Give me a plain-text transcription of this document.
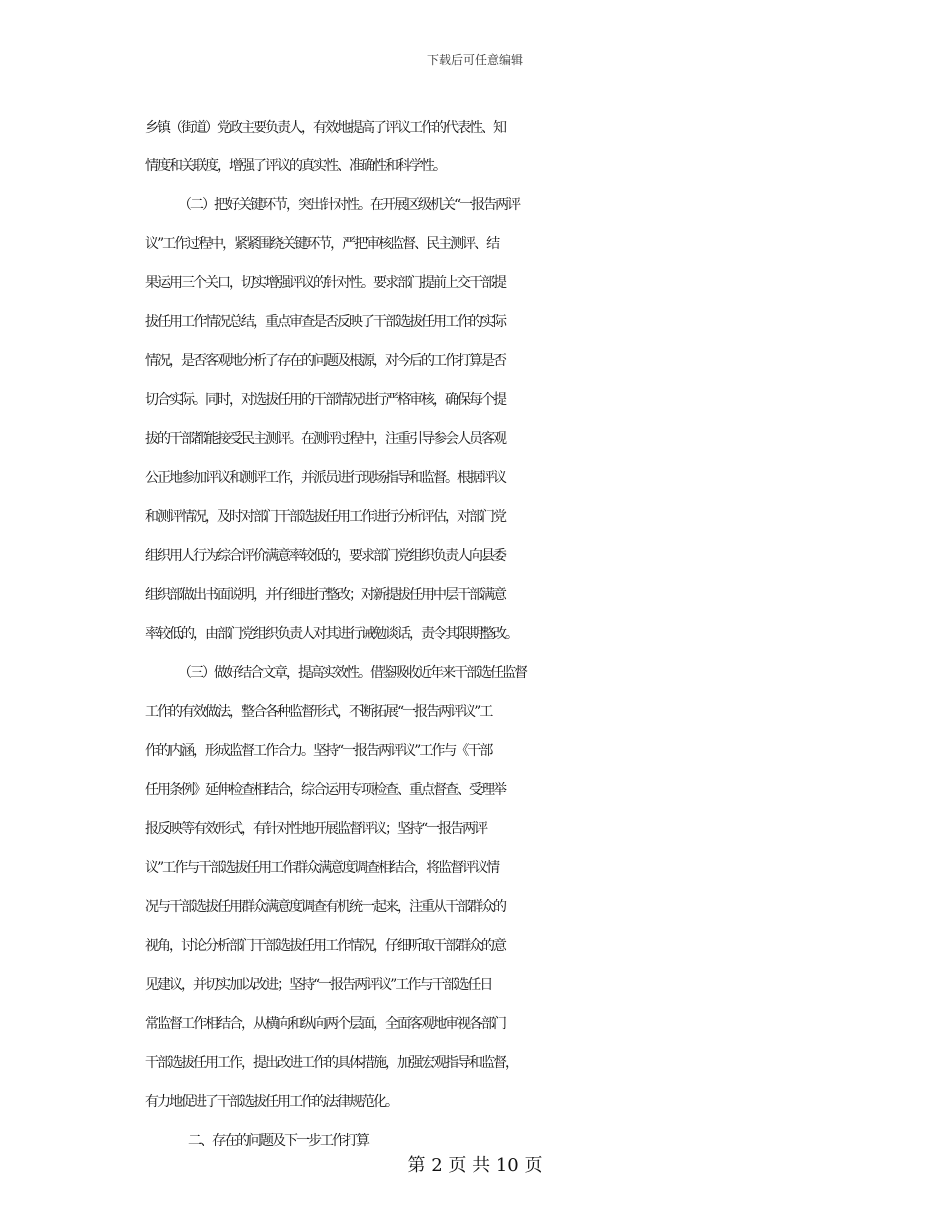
下载后可任意编辑
乡镇（街道）党政主要负责人，有效地提高了评议工作的代表性、知
情度和关联度，增强了评议的真实性、准确性和科学性。
（二）把好关键环节，突出针对性。在开展区级机关“一报告两评
议”工作过程中，紧紧围绕关键环节，严把审核监督、民主测评、结
果运用三个关口，切实增强评议的针对性。要求部门提前上交干部提
拔任用工作情况总结，重点审查是否反映了干部选拔任用工作的实际
情况，是否客观地分析了存在的问题及根源，对今后的工作打算是否
切合实际。同时，对选拔任用的干部情况进行严格审核，确保每个提
拔的干部都能接受民主测评。在测评过程中，注重引导参会人员客观
公正地参加评议和测评工作，并派员进行现场指导和监督。根据评议
和测评情况，及时对部门干部选拔任用工作进行分析评估，对部门党
组织用人行为综合评价满意率较低的，要求部门党组织负责人向县委
组织部做出书面说明，并仔细进行整改；对新提拔任用中层干部满意
率较低的，由部门党组织负责人对其进行诫勉谈话，责令其限期整改。
（三）做好结合文章，提高实效性。借鉴吸收近年来干部选任监督
工作的有效做法，整合各种监督形式，不断拓展“一报告两评议”工
作的内涵，形成监督工作合力。坚持“一报告两评议”工作与《干部
任用条例》延伸检查相结合，综合运用专项检查、重点督查、受理举
报反映等有效形式，有针对性地开展监督评议；坚持“一报告两评
议”工作与干部选拔任用工作群众满意度调查相结合，将监督评议情
况与干部选拔任用群众满意度调查有机统一起来，注重从干部群众的
视角，讨论分析部门干部选拔任用工作情况，仔细听取干部群众的意
见建议，并切实加以改进；坚持“一报告两评议”工作与干部选任日
常监督工作相结合，从横向和纵向两个层面，全面客观地审视各部门
干部选拔任用工作，提出改进工作的具体措施，加强宏观指导和监督，
有力地促进了干部选拔任用工作的法律规范化。
二、存在的问题及下一步工作打算
第 2 页 共 10 页
